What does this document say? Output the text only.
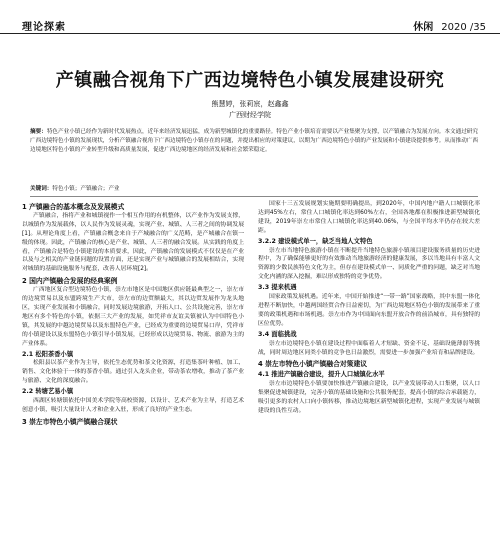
理论探索	休闲 2020 /35
产镇融合视角下广西边境特色小镇发展建设研究
熊慧婷，张莉宸，赵鑫鑫
广西财经学院
摘要：特色产业小镇已经作为新时代发展热点，近年来经济发展迅猛，成为新型城镇化的重要路径。特色产业小镇培育需要以产业集聚为支撑，以产镇融合为发展方向。本文通过研究广西边境特色小镇的发展现状，分析产镇融合视角下广西边境特色小镇存在的问题，并提出相应的对策建议，以期为广西边境特色小镇的产业发展和小镇建设提供参考。从而推动广西边境地区特色小镇的产业转型升级和高质量发展，促进广西边境地区的经济发展和社会繁荣稳定。
关键词：特色小镇；产镇融合；产业
1 产镇融合的基本概念及发展模式
产镇融合，指将产业和城镇视作一个相互作用的有机整体，以产业作为发展支撑，以城镇作为发展载体，以人民作为发展灵魂，实现产业、城镇、人三者之间的协调发展[1]。从理论角度上看，产镇融合概念来自于产城融合的广义范畴，是产城融合在镇一级的体现。因此，产镇融合的核心是产业、城镇、人三者的融合发展。从实践的角度上看，产镇融合是特色小镇建设的本质要求，因此，产镇融合的发展模式不仅仅是在产业以及与之相关的产业链问题的设置方面，还是实现产业与城镇融合的发展相结合，实现对城镇的基础设施服务与配套，改善人居环境[2]。
2 国内产镇融合发展的经典案例
广西地区复合型边境特色小镇，崇左市地区是中国地区供应链最典型之一，崇左市的边境贸易以及东盟跨境生产大市，崇左市的边贸额最大，其以边贸发展作为龙头地区，实现产业发展和小镇融合，同时发展边境旅游，开拓人口、公共设施完善，崇左市地区有多个特色的小镇，依据三大产业的发展，如凭祥市友谊关镇被认为中国特色小镇，其发展的中越边境贸易以及东盟特色产业，已经成为重要的边境贸易口岸，凭祥市的小镇建设以及东盟特色小镇引导小镇发展，已经形成以边境贸易、物流、旅游为主的产业体系。
2.1 松阳茶香小镇
松阳县以茶产业作为主导，依托生态优势和茶文化资源，打造集茶叶种植、加工、销售、文化体验于一体的茶香小镇。通过引入龙头企业，带动茶农增收，推动了茶产业与旅游、文化的深度融合。
2.2 转塘艺易小镇
西湖区转塘镇依托中国美术学院等高校资源，以设计、艺术产业为主导，打造艺术创意小镇，吸引大量设计人才和企业入驻，形成了良好的产业生态。
3 崇左市特色小镇产镇融合现状
国家十三五发展规划实施期要明确提出，到2020年，中国内地户籍人口城镇化率达到45%左右，常住人口城镇化率达到60%左右，全国各地都在积极推进新型城镇化建设，2019年崇左市常住人口城镇化率达到40.06%，与全国平均水平仍存在较大差距。
3.2.2 建设模式单一，缺乏当地人文特色
崇左市当地特色旅游小镇在不断提升当地特色旅游小镇项目建设服务质量的历史进程中，为了确保能够更好的有效推动当地旅游经济的健康发展，多以当地具有丰富人文资源的少数民族特色文化为主，但存在建设模式单一、同质化严重的问题，缺乏对当地文化内涵的深入挖掘，难以形成独特的竞争优势。
3.3 提来机遇
国家政策发展机遇。近年来，中国开始推进“一带一路”国家战略，其中东盟一体化进程不断加快，中越两国经贸合作日益密切，为广西边境地区特色小镇的发展带来了重要的政策机遇和市场机遇。崇左市作为中国面向东盟开放合作的前沿城市，具有独特的区位优势。
3.4 面临挑战
崇左市边境特色小镇在建设过程中面临着人才短缺、资金不足、基础设施薄弱等挑战，同时周边地区同类小镇的竞争也日益激烈，需要进一步加强产业培育和品牌建设。
4 崇左市特色小镇产镇融合对策建议
4.1 推进产镇融合建设，提升人口城镇化水平
崇左市边境特色小镇要加快推进产镇融合建设，以产业发展带动人口集聚，以人口集聚促进城镇建设，完善小镇的基础设施和公共服务配套，提高小镇的综合承载能力，吸引更多的农村人口向小镇转移，推动边境地区新型城镇化进程，实现产业发展与城镇建设的良性互动。
